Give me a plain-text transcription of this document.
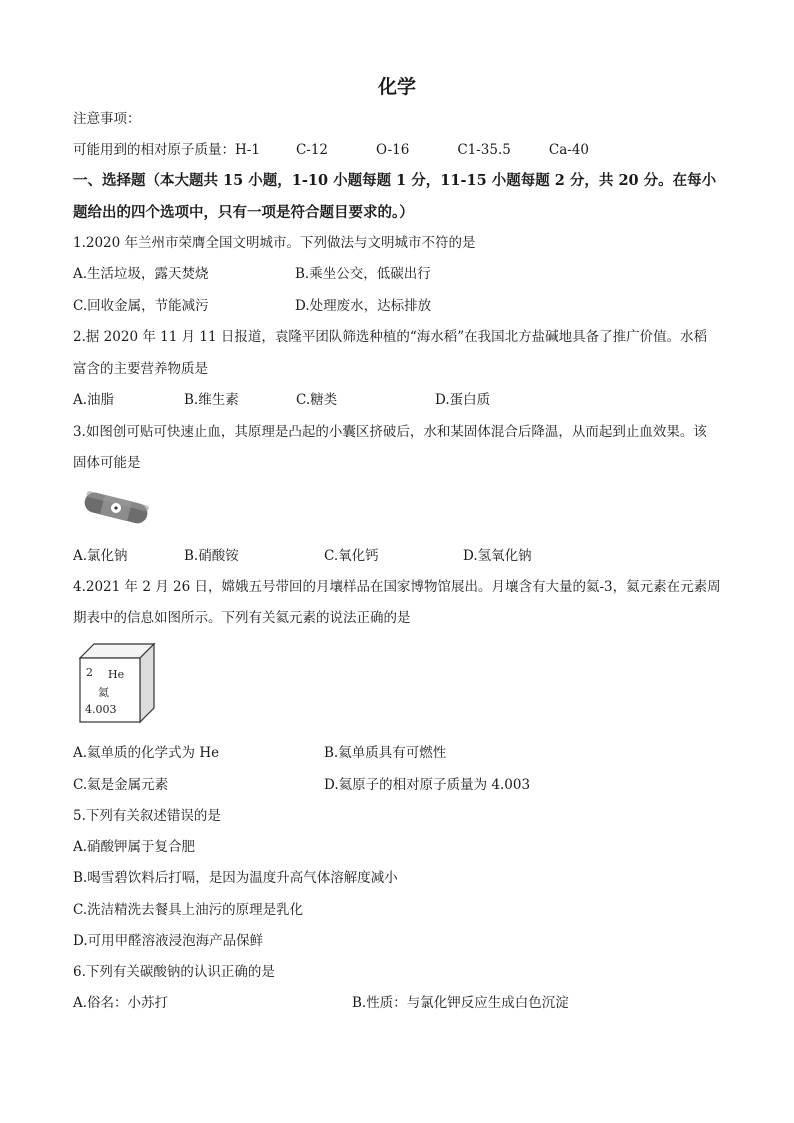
化学
注意事项：
可能用到的相对原子质量：H-1	C-12	O-16	C1-35.5	Ca-40
一、选择题（本大题共 15 小题，1-10 小题每题 1 分，11-15 小题每题 2 分，共 20 分。在每小
题给出的四个选项中，只有一项是符合题目要求的。）
1.2020 年兰州市荣膺全国文明城市。下列做法与文明城市不符的是
A.生活垃圾，露天焚烧	B.乘坐公交，低碳出行
C.回收金属，节能减污	D.处理废水，达标排放
2.据 2020 年 11 月 11 日报道，袁隆平团队筛选种植的“海水稻”在我国北方盐碱地具备了推广价值。水稻
富含的主要营养物质是
A.油脂	B.维生素	C.糖类	D.蛋白质
3.如图创可贴可快速止血，其原理是凸起的小囊区挤破后，水和某固体混合后降温，从而起到止血效果。该
固体可能是
A.氯化钠	B.硝酸铵	C.氧化钙	D.氢氧化钠
4.2021 年 2 月 26 日，嫦娥五号带回的月壤样品在国家博物馆展出。月壤含有大量的氦-3，氦元素在元素周
期表中的信息如图所示。下列有关氦元素的说法正确的是
2 He
氦
4.003
A.氦单质的化学式为 He	B.氦单质具有可燃性
C.氦是金属元素	D.氦原子的相对原子质量为 4.003
5.下列有关叙述错误的是
A.硝酸钾属于复合肥
B.喝雪碧饮料后打嗝，是因为温度升高气体溶解度减小
C.洗洁精洗去餐具上油污的原理是乳化
D.可用甲醛溶液浸泡海产品保鲜
6.下列有关碳酸钠的认识正确的是
A.俗名：小苏打	B.性质：与氯化钾反应生成白色沉淀
